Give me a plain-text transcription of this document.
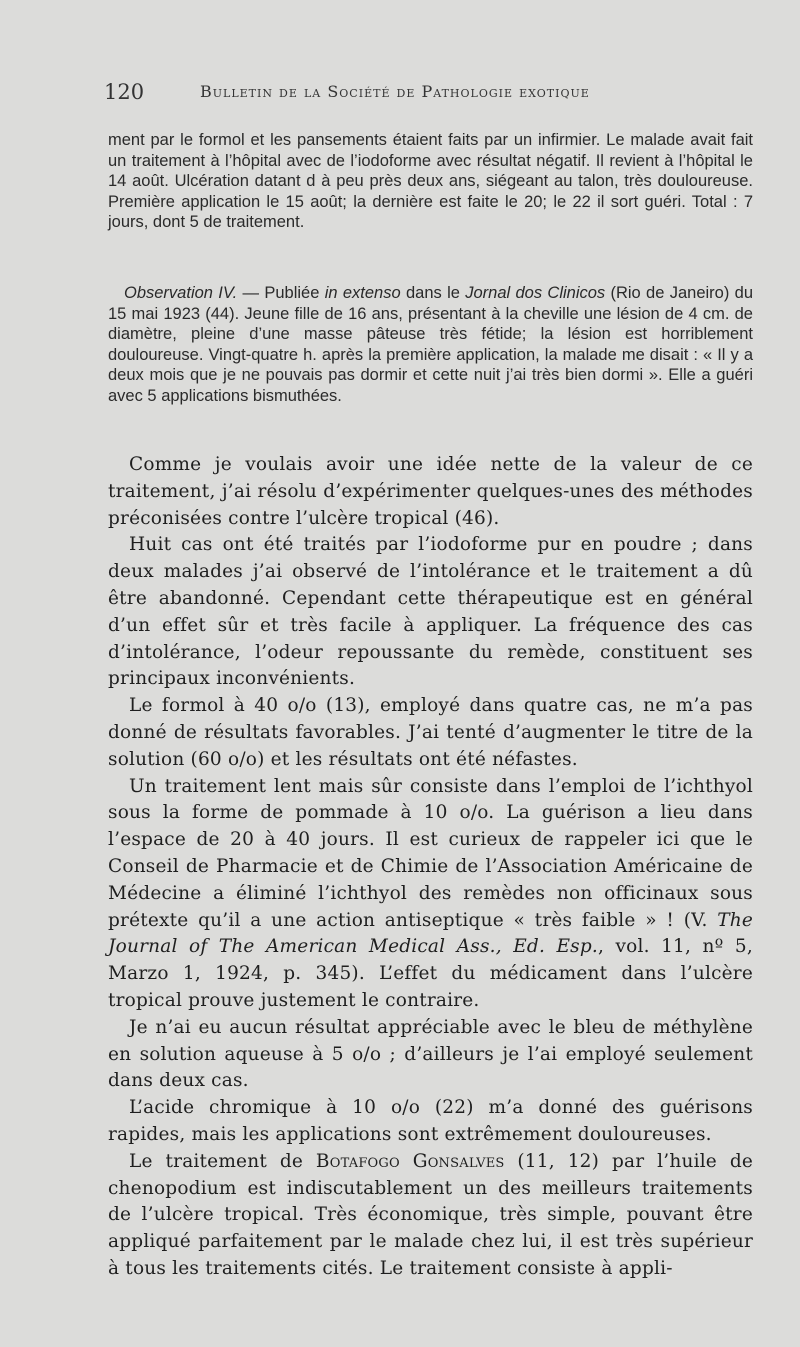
120	Bulletin de la Société de Pathologie exotique

ment par le formol et les pansements étaient faits par un infirmier. Le malade avait fait un traitement à l’hôpital avec de l’iodoforme avec résultat négatif. Il revient à l’hôpital le 14 août. Ulcération datant d à peu près deux ans, siégeant au talon, très douloureuse. Première application le 15 août; la dernière est faite le 20; le 22 il sort guéri. Total : 7 jours, dont 5 de traitement.

Observation IV. — Publiée in extenso dans le Jornal dos Clinicos (Rio de Janeiro) du 15 mai 1923 (44). Jeune fille de 16 ans, présentant à la cheville une lésion de 4 cm. de diamètre, pleine d’une masse pâteuse très fétide; la lésion est horriblement douloureuse. Vingt-quatre h. après la première application, la malade me disait : « Il y a deux mois que je ne pouvais pas dormir et cette nuit j’ai très bien dormi ». Elle a guéri avec 5 applications bismuthées.

Comme je voulais avoir une idée nette de la valeur de ce traitement, j’ai résolu d’expérimenter quelques-unes des méthodes préconisées contre l’ulcère tropical (46).

Huit cas ont été traités par l’iodoforme pur en poudre ; dans deux malades j’ai observé de l’intolérance et le traitement a dû être abandonné. Cependant cette thérapeutique est en général d’un effet sûr et très facile à appliquer. La fréquence des cas d’intolérance, l’odeur repoussante du remède, constituent ses principaux inconvénients.

Le formol à 40 o/o (13), employé dans quatre cas, ne m’a pas donné de résultats favorables. J’ai tenté d’augmenter le titre de la solution (60 o/o) et les résultats ont été néfastes.

Un traitement lent mais sûr consiste dans l’emploi de l’ichthyol sous la forme de pommade à 10 o/o. La guérison a lieu dans l’espace de 20 à 40 jours. Il est curieux de rappeler ici que le Conseil de Pharmacie et de Chimie de l’Association Américaine de Médecine a éliminé l’ichthyol des remèdes non officinaux sous prétexte qu’il a une action antiseptique « très faible » ! (V. The Journal of The American Medical Ass., Ed. Esp., vol. 11, nº 5, Marzo 1, 1924, p. 345). L’effet du médicament dans l’ulcère tropical prouve justement le contraire.

Je n’ai eu aucun résultat appréciable avec le bleu de méthylène en solution aqueuse à 5 o/o ; d’ailleurs je l’ai employé seulement dans deux cas.

L’acide chromique à 10 o/o (22) m’a donné des guérisons rapides, mais les applications sont extrêmement douloureuses.

Le traitement de Botafogo Gonsalves (11, 12) par l’huile de chenopodium est indiscutablement un des meilleurs traitements de l’ulcère tropical. Très économique, très simple, pouvant être appliqué parfaitement par le malade chez lui, il est très supérieur à tous les traitements cités. Le traitement consiste à appli-
